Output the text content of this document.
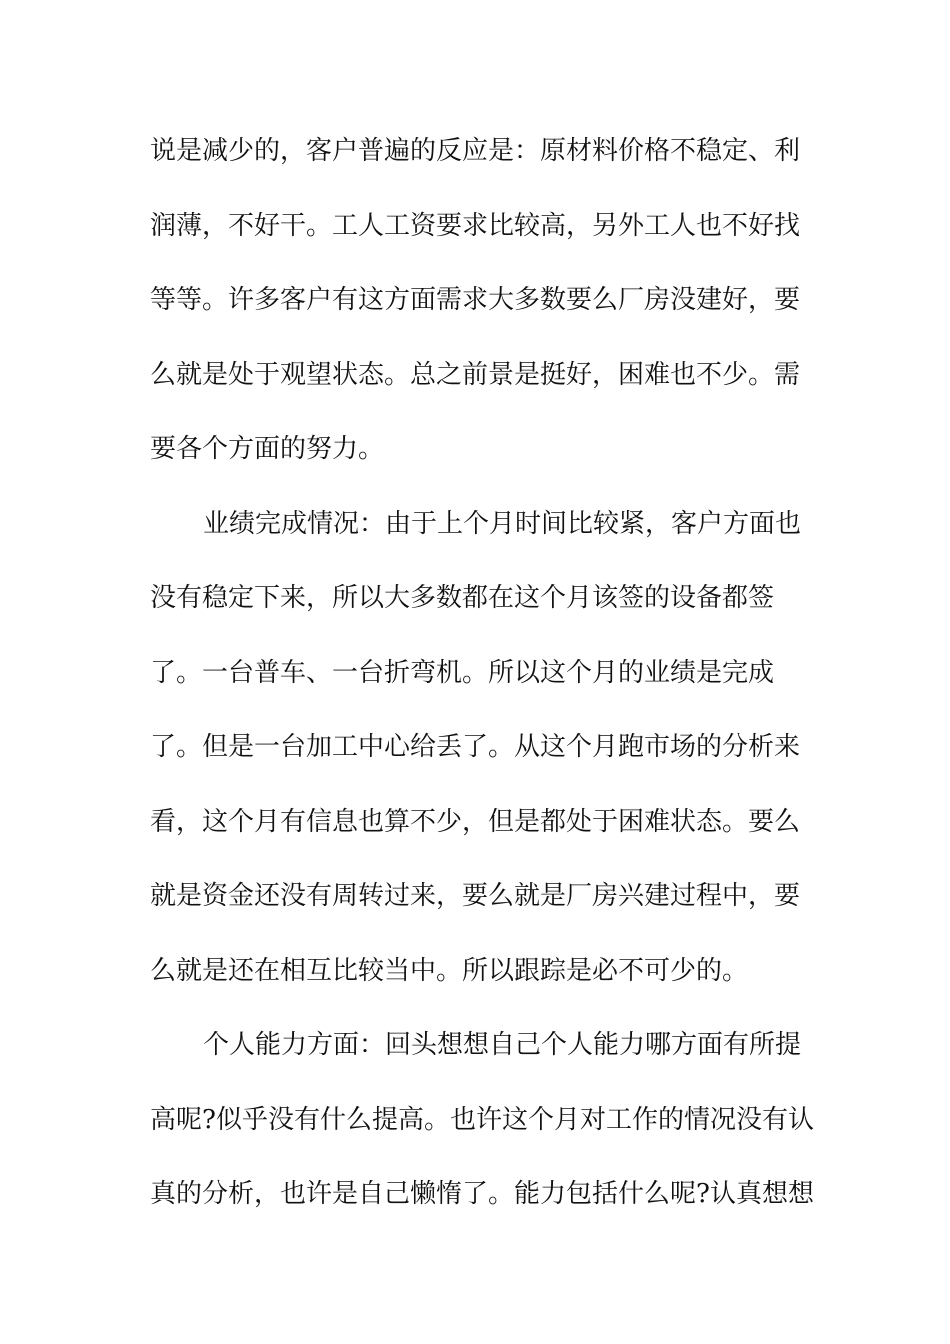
说是减少的，客户普遍的反应是：原材料价格不稳定、利
润薄，不好干。工人工资要求比较高，另外工人也不好找
等等。许多客户有这方面需求大多数要么厂房没建好，要
么就是处于观望状态。总之前景是挺好，困难也不少。需
要各个方面的努力。
业绩完成情况：由于上个月时间比较紧，客户方面也
没有稳定下来，所以大多数都在这个月该签的设备都签
了。一台普车、一台折弯机。所以这个月的业绩是完成
了。但是一台加工中心给丢了。从这个月跑市场的分析来
看，这个月有信息也算不少，但是都处于困难状态。要么
就是资金还没有周转过来，要么就是厂房兴建过程中，要
么就是还在相互比较当中。所以跟踪是必不可少的。
个人能力方面：回头想想自己个人能力哪方面有所提
高呢?似乎没有什么提高。也许这个月对工作的情况没有认
真的分析，也许是自己懒惰了。能力包括什么呢?认真想想
